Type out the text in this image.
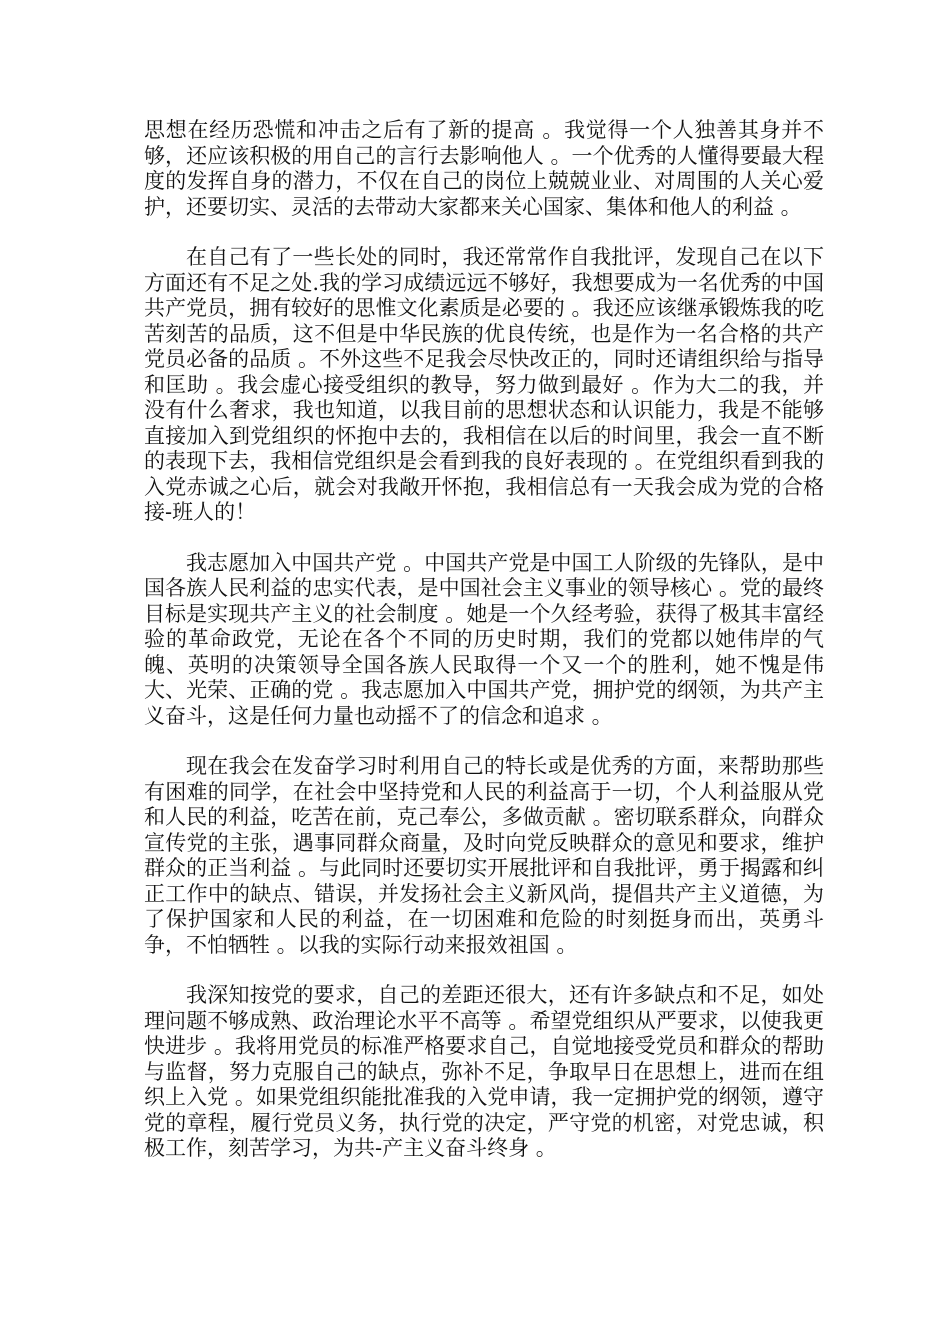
思想在经历恐慌和冲击之后有了新的提高 。我觉得一个人独善其身并不够，还应该积极的用自己的言行去影响他人 。一个优秀的人懂得要最大程度的发挥自身的潜力，不仅在自己的岗位上兢兢业业、对周围的人关心爱护，还要切实、灵活的去带动大家都来关心国家、集体和他人的利益 。

在自己有了一些长处的同时，我还常常作自我批评，发现自己在以下方面还有不足之处.我的学习成绩远远不够好，我想要成为一名优秀的中国共产党员，拥有较好的思惟文化素质是必要的 。我还应该继承锻炼我的吃苦刻苦的品质，这不但是中华民族的优良传统，也是作为一名合格的共产党员必备的品质 。不外这些不足我会尽快改正的，同时还请组织给与指导和匡助 。我会虚心接受组织的教导，努力做到最好 。作为大二的我，并没有什么奢求，我也知道，以我目前的思想状态和认识能力，我是不能够直接加入到党组织的怀抱中去的，我相信在以后的时间里，我会一直不断的表现下去，我相信党组织是会看到我的良好表现的 。在党组织看到我的入党赤诚之心后，就会对我敞开怀抱，我相信总有一天我会成为党的合格接-班人的！

我志愿加入中国共产党 。中国共产党是中国工人阶级的先锋队，是中国各族人民利益的忠实代表，是中国社会主义事业的领导核心 。党的最终目标是实现共产主义的社会制度 。她是一个久经考验，获得了极其丰富经验的革命政党，无论在各个不同的历史时期，我们的党都以她伟岸的气魄、英明的决策领导全国各族人民取得一个又一个的胜利，她不愧是伟大、光荣、正确的党 。我志愿加入中国共产党，拥护党的纲领，为共产主义奋斗，这是任何力量也动摇不了的信念和追求 。

现在我会在发奋学习时利用自己的特长或是优秀的方面，来帮助那些有困难的同学，在社会中坚持党和人民的利益高于一切，个人利益服从党和人民的利益，吃苦在前，克己奉公，多做贡献 。密切联系群众，向群众宣传党的主张，遇事同群众商量，及时向党反映群众的意见和要求，维护群众的正当利益 。与此同时还要切实开展批评和自我批评，勇于揭露和纠正工作中的缺点、错误，并发扬社会主义新风尚，提倡共产主义道德，为了保护国家和人民的利益，在一切困难和危险的时刻挺身而出，英勇斗争，不怕牺牲 。以我的实际行动来报效祖国 。

我深知按党的要求，自己的差距还很大，还有许多缺点和不足，如处理问题不够成熟、政治理论水平不高等 。希望党组织从严要求，以使我更快进步 。我将用党员的标准严格要求自己，自觉地接受党员和群众的帮助与监督，努力克服自己的缺点，弥补不足，争取早日在思想上，进而在组织上入党 。如果党组织能批准我的入党申请，我一定拥护党的纲领，遵守党的章程，履行党员义务，执行党的决定，严守党的机密，对党忠诚，积极工作，刻苦学习，为共-产主义奋斗终身 。
